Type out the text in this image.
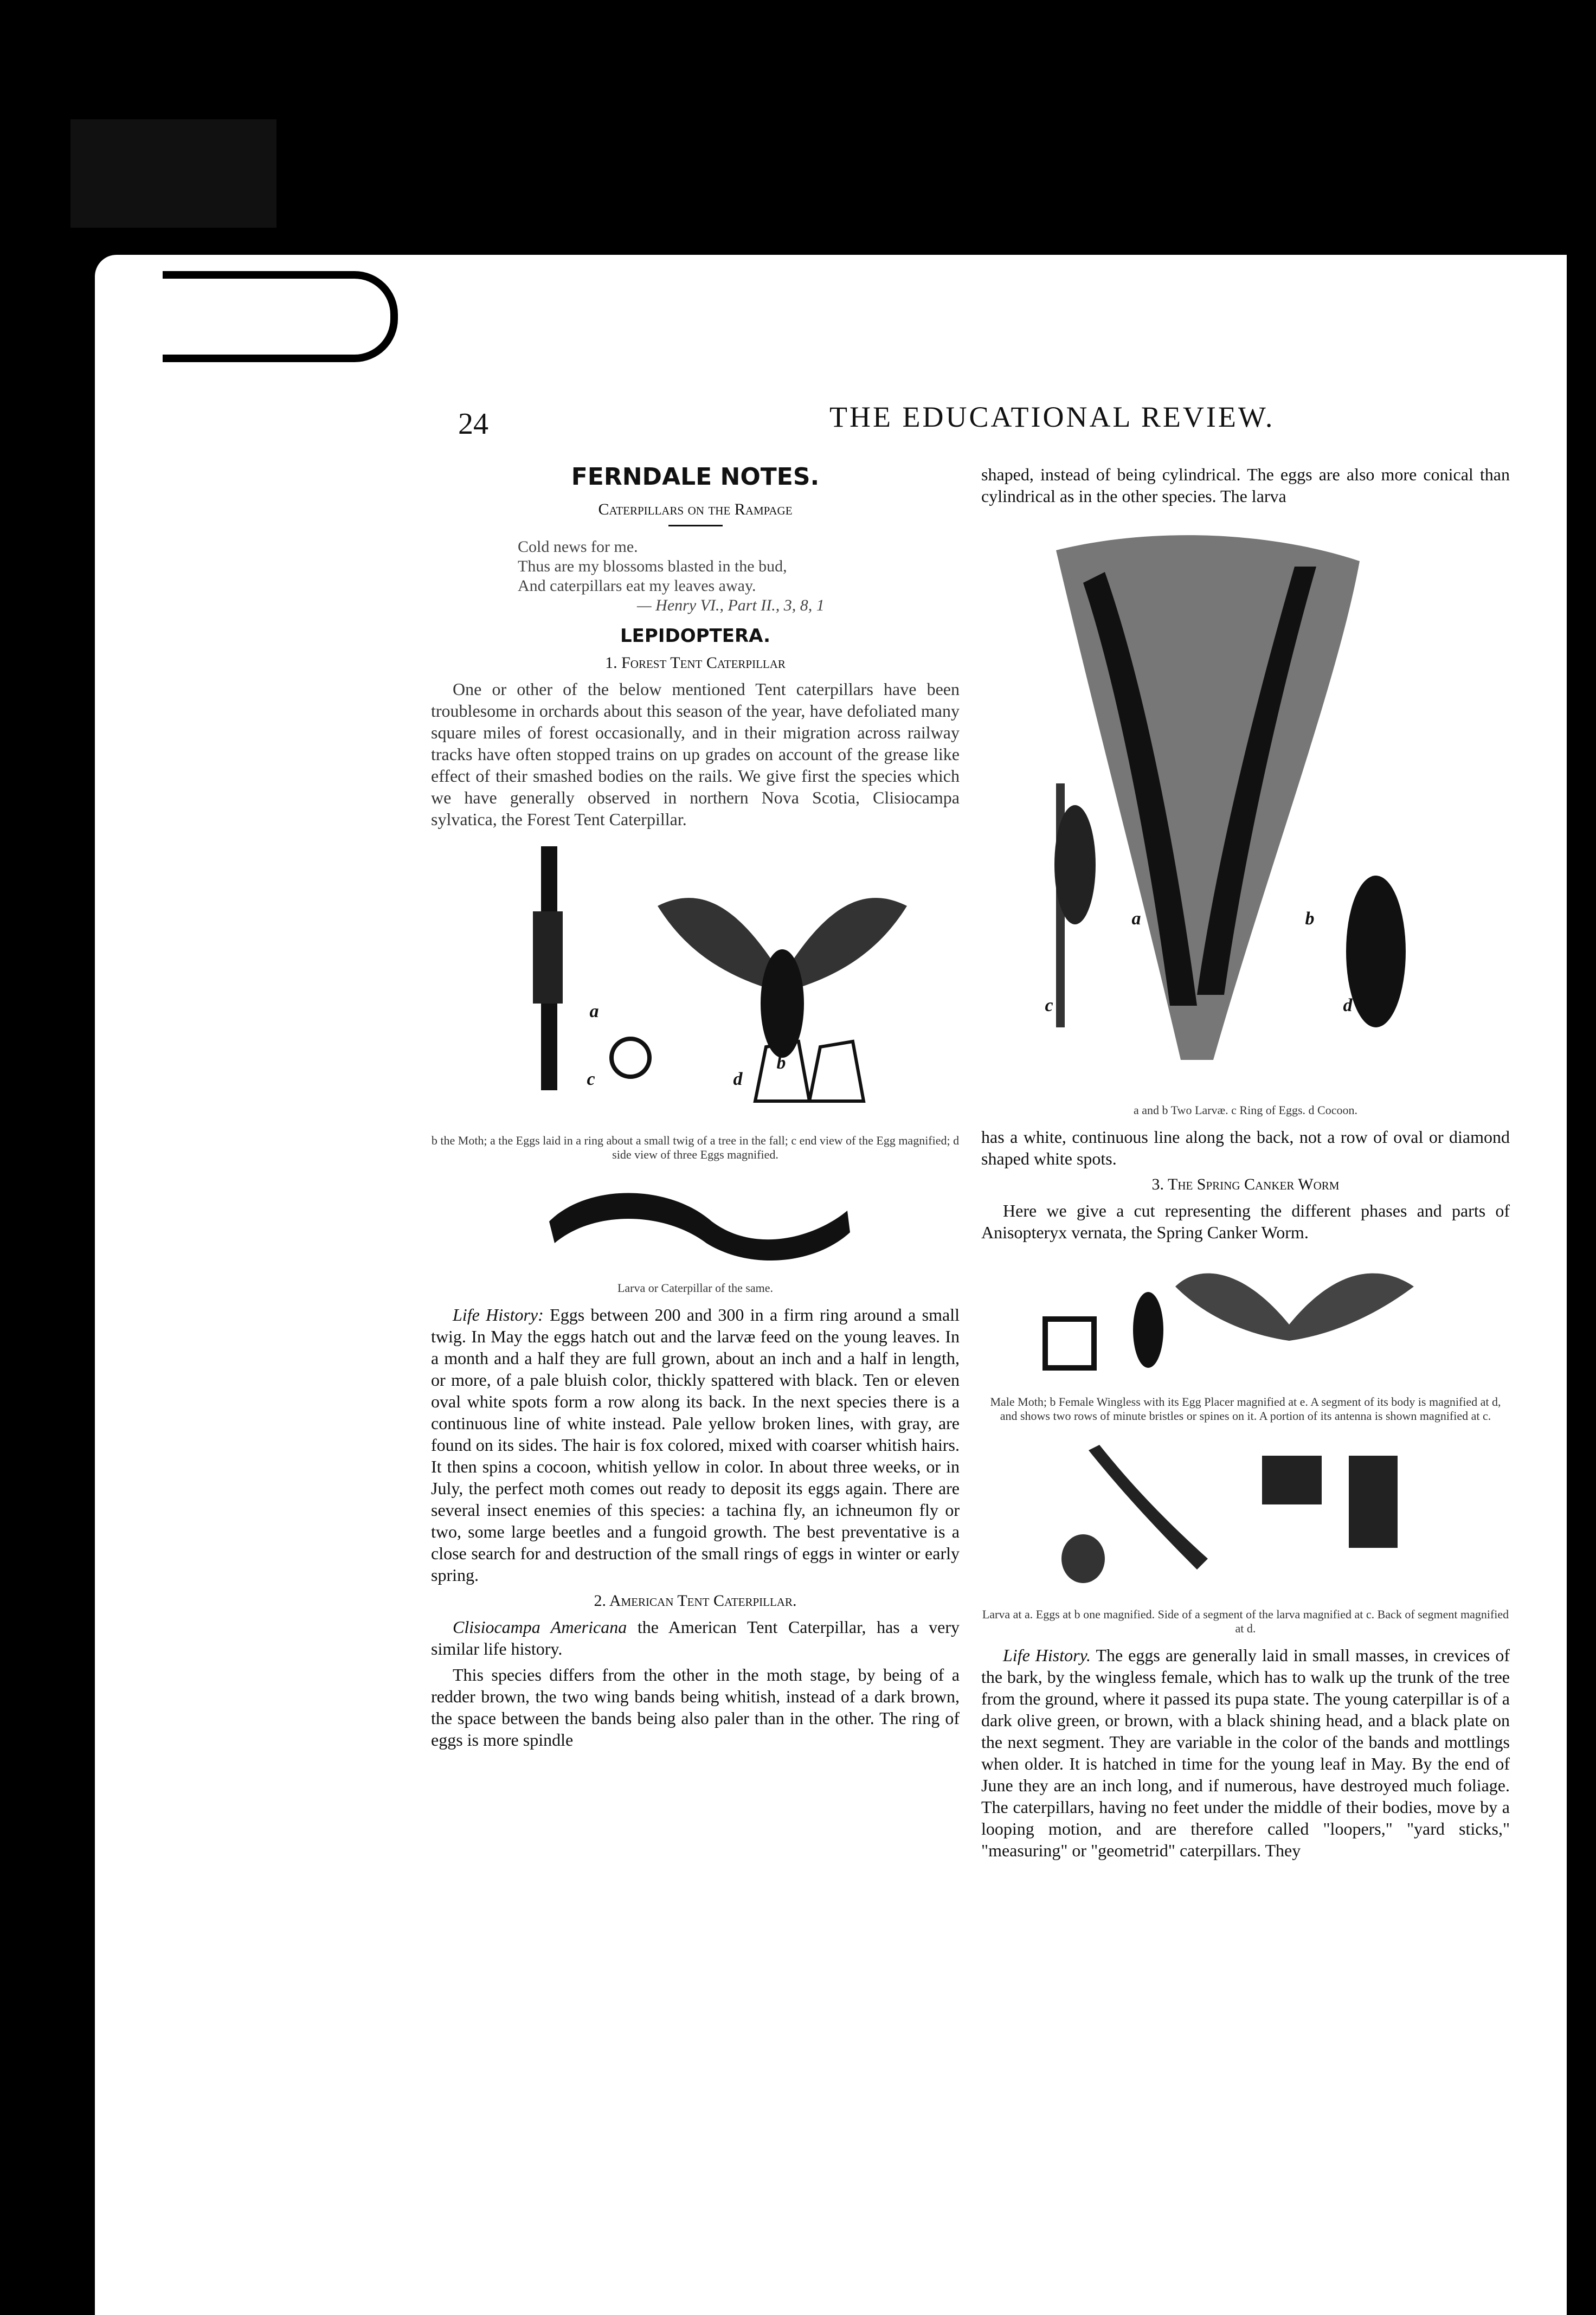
24	THE EDUCATIONAL REVIEW.
FERNDALE NOTES.
Caterpillars on the Rampage
Cold news for me.
Thus are my blossoms blasted in the bud,
And caterpillars eat my leaves away.
— Henry VI., Part II., 3, 8, 1
LEPIDOPTERA.
1. Forest Tent Caterpillar

One or other of the below mentioned Tent caterpillars have been troublesome in orchards about this season of the year, have defoliated many square miles of forest occasionally, and in their migration across railway tracks have often stopped trains on up grades on account of the grease like effect of their smashed bodies on the rails. We give first the species which we have generally observed in northern Nova Scotia, Clisiocampa sylvatica, the Forest Tent Caterpillar.

a
b
c	d
b the Moth; a the Eggs laid in a ring about a small twig of a tree in the fall; c end view of the Egg magnified; d side view of three Eggs magnified.
Larva or Caterpillar of the same.

Life History: Eggs between 200 and 300 in a firm ring around a small twig. In May the eggs hatch out and the larvæ feed on the young leaves. In a month and a half they are full grown, about an inch and a half in length, or more, of a pale bluish color, thickly spattered with black. Ten or eleven oval white spots form a row along its back. In the next species there is a continuous line of white instead. Pale yellow broken lines, with gray, are found on its sides. The hair is fox colored, mixed with coarser whitish hairs. It then spins a cocoon, whitish yellow in color. In about three weeks, or in July, the perfect moth comes out ready to deposit its eggs again. There are several insect enemies of this species: a tachina fly, an ichneumon fly or two, some large beetles and a fungoid growth. The best preventative is a close search for and destruction of the small rings of eggs in winter or early spring.

2. American Tent Caterpillar.

Clisiocampa Americana the American Tent Caterpillar, has a very similar life history.

This species differs from the other in the moth stage, by being of a redder brown, the two wing bands being whitish, instead of a dark brown, the space between the bands being also paler than in the other. The ring of eggs is more spindle

shaped, instead of being cylindrical. The eggs are also more conical than cylindrical as in the other species. The larva

a	b
c	d
a and b Two Larvæ. c Ring of Eggs. d Cocoon.

has a white, continuous line along the back, not a row of oval or diamond shaped white spots.

3. The Spring Canker Worm

Here we give a cut representing the different phases and parts of Anisopteryx vernata, the Spring Canker Worm.

Male Moth; b Female Wingless with its Egg Placer magnified at e. A segment of its body is magnified at d, and shows two rows of minute bristles or spines on it. A portion of its antenna is shown magnified at c.
Larva at a. Eggs at b one magnified. Side of a segment of the larva magnified at c. Back of segment magnified at d.

Life History. The eggs are generally laid in small masses, in crevices of the bark, by the wingless female, which has to walk up the trunk of the tree from the ground, where it passed its pupa state. The young caterpillar is of a dark olive green, or brown, with a black shining head, and a black plate on the next segment. They are variable in the color of the bands and mottlings when older. It is hatched in time for the young leaf in May. By the end of June they are an inch long, and if numerous, have destroyed much foliage. The caterpillars, having no feet under the middle of their bodies, move by a looping motion, and are therefore called "loopers," "yard sticks," "measuring" or "geometrid" caterpillars. They
